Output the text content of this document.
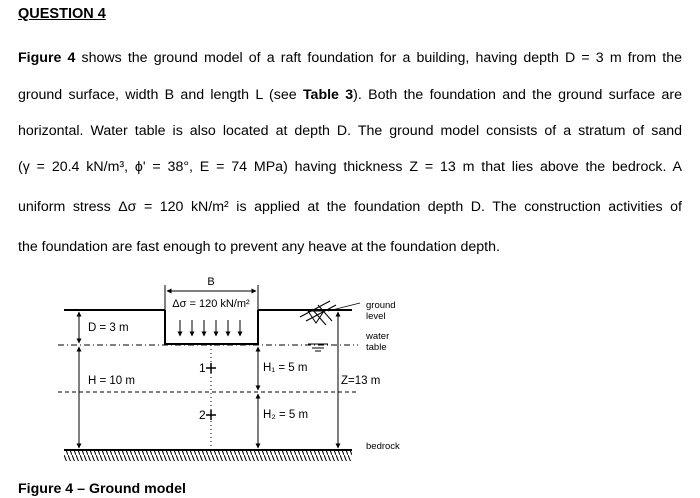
QUESTION 4
Figure 4 shows the ground model of a raft foundation for a building, having depth D = 3 m from the
ground surface, width B and length L (see Table 3). Both the foundation and the ground surface are
horizontal. Water table is also located at depth D. The ground model consists of a stratum of sand
(γ = 20.4 kN/m³, ϕ' = 38°, E = 74 MPa) having thickness Z = 13 m that lies above the bedrock. A
uniform stress Δσ = 120 kN/m² is applied at the foundation depth D. The construction activities of
the foundation are fast enough to prevent any heave at the foundation depth.
B
Δσ = 120 kN/m²
D = 3 m
H = 10 m
1
2
H₁ = 5 m
H₂ = 5 m
Z=13 m
ground
level
water
table
bedrock
Figure 4 – Ground model
